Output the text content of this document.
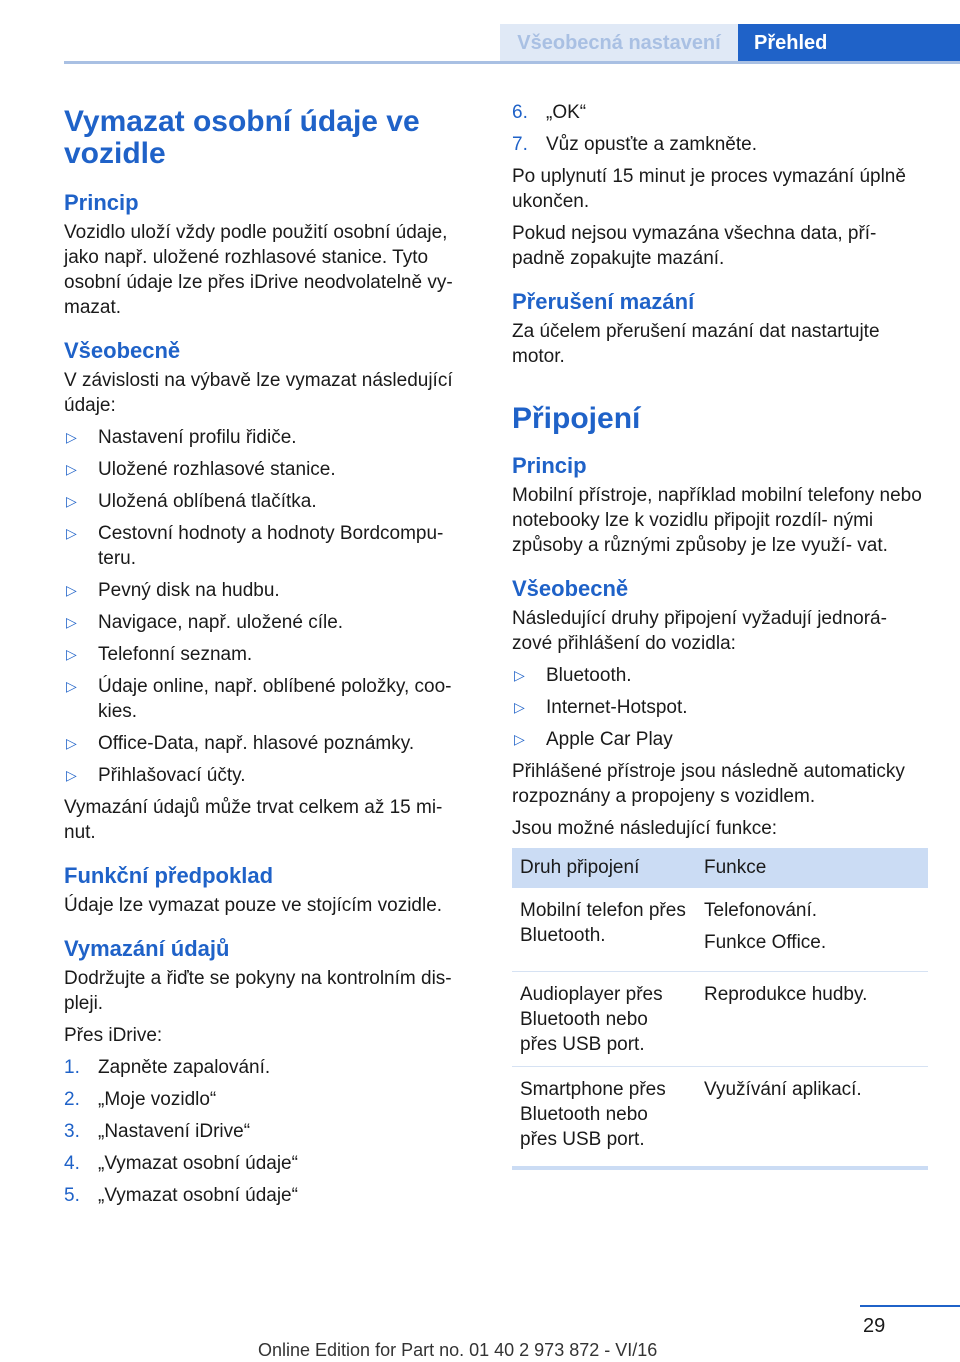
Všeobecná nastavení	Přehled
Vymazat osobní údaje ve vozidle
Princip

Vozidlo uloží vždy podle použití osobní údaje, jako např. uložené rozhlasové stanice. Tyto osobní údaje lze přes iDrive neodvolatelně vy- mazat.

Všeobecně

V závislosti na výbavě lze vymazat následující údaje:

▷ Nastavení profilu řidiče.
▷ Uložené rozhlasové stanice.
▷ Uložená oblíbená tlačítka.
▷ Cestovní hodnoty a hodnoty Bordcompu- teru.
▷ Pevný disk na hudbu.
▷ Navigace, např. uložené cíle.
▷ Telefonní seznam.
▷ Údaje online, např. oblíbené položky, coo- kies.
▷ Office-Data, např. hlasové poznámky.
▷ Přihlašovací účty.

Vymazání údajů může trvat celkem až 15 mi- nut.

Funkční předpoklad

Údaje lze vymazat pouze ve stojícím vozidle.

Vymazání údajů

Dodržujte a řiďte se pokyny na kontrolním dis- pleji.

Přes iDrive:

1. Zapněte zapalování.
2. „Moje vozidlo“
3. „Nastavení iDrive“
4. „Vymazat osobní údaje“
5. „Vymazat osobní údaje“
6. „OK“
7. Vůz opusťte a zamkněte.

Po uplynutí 15 minut je proces vymazání úplně ukončen.

Pokud nejsou vymazána všechna data, pří- padně zopakujte mazání.

Přerušení mazání

Za účelem přerušení mazání dat nastartujte motor.

Připojení
Princip

Mobilní přístroje, například mobilní telefony nebo notebooky lze k vozidlu připojit rozdíl- nými způsoby a různými způsoby je lze využí- vat.

Všeobecně

Následující druhy připojení vyžadují jednorá- zové přihlášení do vozidla:

▷ Bluetooth.
▷ Internet-Hotspot.
▷ Apple Car Play

Přihlášené přístroje jsou následně automaticky rozpoznány a propojeny s vozidlem.

Jsou možné následující funkce:

Druh připojení	Funkce
Mobilní telefon přes Bluetooth.	Telefonování.
Funkce Office.

Audioplayer přes Bluetooth nebo přes USB port.	Reprodukce hudby.
Smartphone přes Bluetooth nebo přes USB port.	Využívání aplikací.
29
Online Edition for Part no. 01 40 2 973 872 - VI/16
